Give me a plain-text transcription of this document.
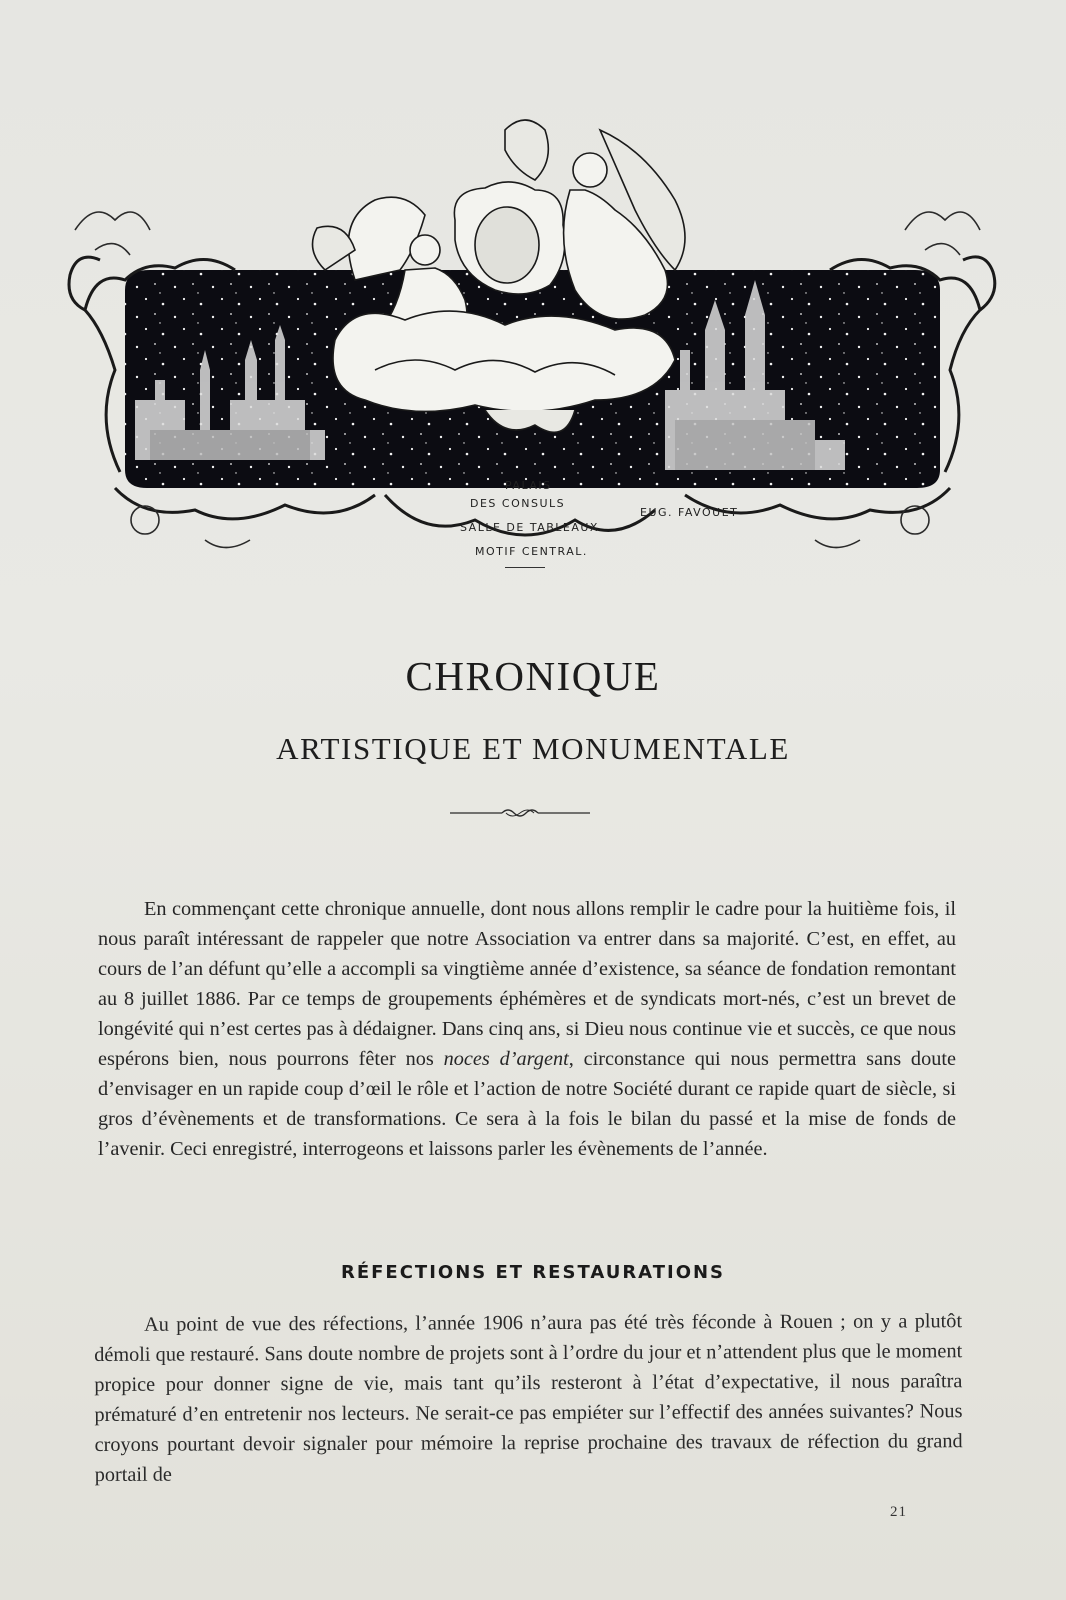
PALAIS
DES CONSULS
SALLE DE TABLEAUX.
MOTIF CENTRAL.
EUG. FAVOUET
CHRONIQUE
ARTISTIQUE ET MONUMENTALE

En commençant cette chronique annuelle, dont nous allons remplir le cadre pour la huitième fois, il nous paraît intéressant de rappeler que notre Association va entrer dans sa majorité. C’est, en effet, au cours de l’an défunt qu’elle a accompli sa vingtième année d’existence, sa séance de fondation remontant au 8 juillet 1886. Par ce temps de groupements éphémères et de syndicats mort-nés, c’est un brevet de longévité qui n’est certes pas à dédaigner. Dans cinq ans, si Dieu nous continue vie et succès, ce que nous espérons bien, nous pourrons fêter nos noces d’argent, circonstance qui nous permettra sans doute d’envisager en un rapide coup d’œil le rôle et l’action de notre Société durant ce rapide quart de siècle, si gros d’évènements et de transformations. Ce sera à la fois le bilan du passé et la mise de fonds de l’avenir. Ceci enregistré, interrogeons et laissons parler les évènements de l’année.

RÉFECTIONS ET RESTAURATIONS

Au point de vue des réfections, l’année 1906 n’aura pas été très féconde à Rouen ; on y a plutôt démoli que restauré. Sans doute nombre de projets sont à l’ordre du jour et n’attendent plus que le moment propice pour donner signe de vie, mais tant qu’ils resteront à l’état d’expectative, il nous paraîtra prématuré d’en entretenir nos lecteurs. Ne serait-ce pas empiéter sur l’effectif des années suivantes? Nous croyons pourtant devoir signaler pour mémoire la reprise prochaine des travaux de réfection du grand portail de

21
